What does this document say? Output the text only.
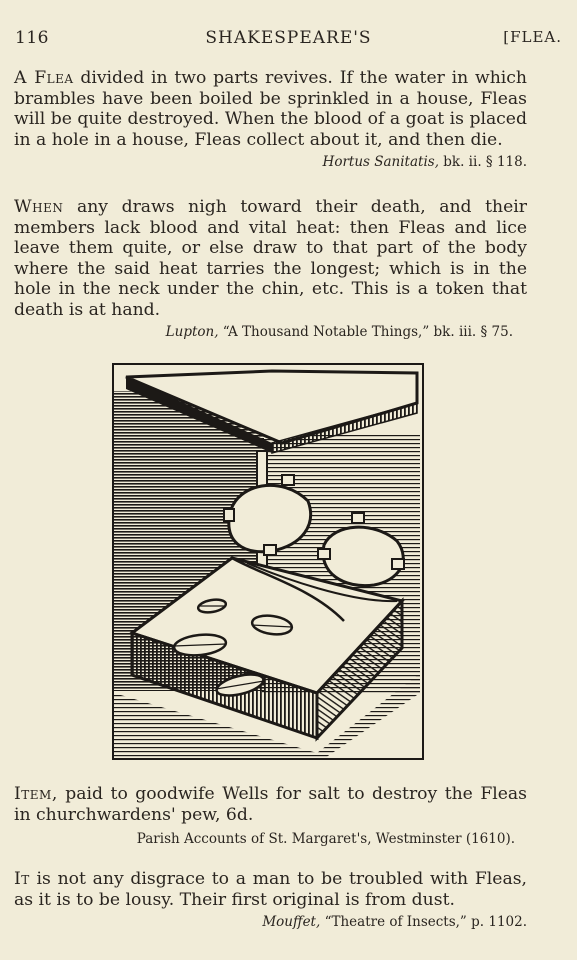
116	SHAKESPEARE'S	[FLEA.

A Flea divided in two parts revives. If the water in which brambles have been boiled be sprinkled in a house, Fleas will be quite destroyed. When the blood of a goat is placed in a hole in a house, Fleas collect about it, and then die.
Hortus Sanitatis, bk. ii. § 118.

When any draws nigh toward their death, and their members lack blood and vital heat: then Fleas and lice leave them quite, or else draw to that part of the body where the said heat tarries the longest; which is in the hole in the neck under the chin, etc. This is a token that death is at hand.

Lupton, “A Thousand Notable Things,” bk. iii. § 75.

Item, paid to goodwife Wells for salt to destroy the Fleas in churchwardens' pew, 6d.

Parish Accounts of St. Margaret's, Westminster (1610).

It is not any disgrace to a man to be troubled with Fleas, as it is to be lousy. Their first original is from dust.
Mouffet, “Theatre of Insects,” p. 1102.
